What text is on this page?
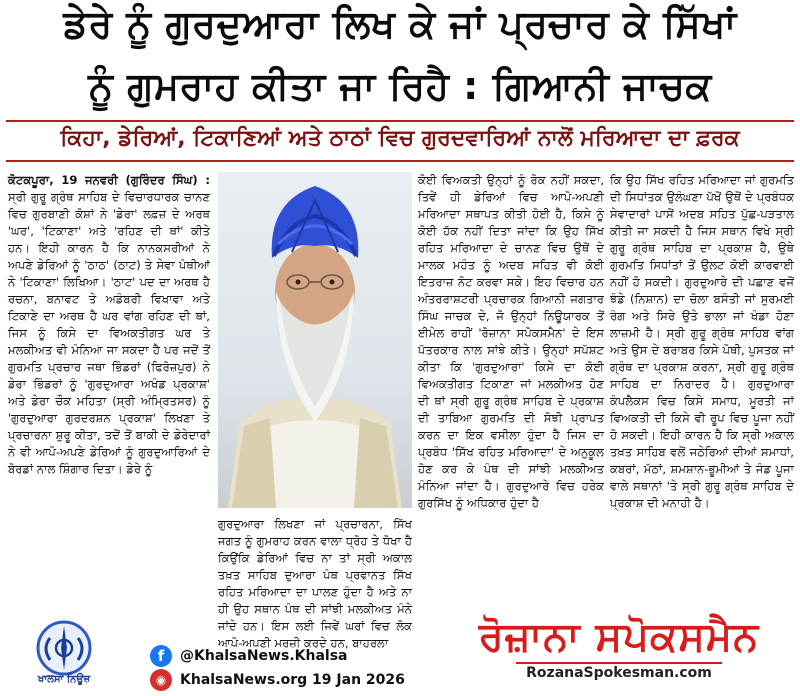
ਡੇਰੇ ਨੂੰ ਗੁਰਦੁਆਰਾ ਲਿਖ ਕੇ ਜਾਂ ਪ੍ਰਚਾਰ ਕੇ ਸਿੱਖਾਂ
ਨੂੰ ਗੁਮਰਾਹ ਕੀਤਾ ਜਾ ਰਿਹੈ : ਗਿਆਨੀ ਜਾਚਕ
ਕਿਹਾ, ਡੇਰਿਆਂ, ਟਿਕਾਣਿਆਂ ਅਤੇ ਠਾਠਾਂ ਵਿਚ ਗੁਰਦਵਾਰਿਆਂ ਨਾਲੋਂ ਮਰਿਆਦਾ ਦਾ ਫ਼ਰਕ

ਕੋਟਕਪੂਰਾ, 19 ਜਨਵਰੀ (ਗੁਰਿੰਦਰ ਸਿੰਘ) : ਸ੍ਰੀ ਗੁਰੂ ਗ੍ਰੰਥ ਸਾਹਿਬ ਦੇ ਵਿਚਾਰਧਾਰਕ ਚਾਨਣ ਵਿਚ ਗੁਰਬਾਣੀ ਕੋਸ਼ਾਂ ਨੇ 'ਡੇਰਾ' ਲਫ਼ਜ਼ ਦੇ ਅਰਥ 'ਘਰ', 'ਟਿਕਾਣਾ' ਅਤੇ 'ਰਹਿਣ ਦੀ ਥਾਂ' ਕੀਤੇ ਹਨ। ਇਹੀ ਕਾਰਨ ਹੈ ਕਿ ਨਾਨਕਸਰੀਆਂ ਨੇ ਅਪਣੇ ਡੇਰਿਆਂ ਨੂੰ 'ਠਾਠ' (ਠਾਟ) ਤੇ ਸੇਵਾ ਪੰਥੀਆਂ ਨੇ 'ਟਿਕਾਣਾ' ਲਿਖਿਆ। 'ਠਾਟ' ਪਦ ਦਾ ਅਰਥ ਹੈ ਰਚਨਾ, ਬਨਾਵਟ ਤੇ ਅਡੰਬਰੀ ਵਿਖਾਵਾ ਅਤੇ ਟਿਕਾਣੇ ਦਾ ਅਰਥ ਹੈ ਘਰ ਵਾਂਗ ਰਹਿਣ ਦੀ ਥਾਂ, ਜਿਸ ਨੂੰ ਕਿਸੇ ਦਾ ਵਿਅਕਤੀਗਤ ਘਰ ਤੇ ਮਲਕੀਅਤ ਵੀ ਮੰਨਿਆ ਜਾ ਸਕਦਾ ਹੈ ਪਰ ਜਦੋਂ ਤੋਂ ਗੁਰਮਤਿ ਪ੍ਰਚਾਰ ਜਥਾ ਭਿੰਡਰਾਂ (ਫਿਰੋਜ਼ਪੁਰ) ਨੇ ਡੇਰਾ ਭਿੰਡਰਾਂ ਨੂੰ 'ਗੁਰਦੁਆਰਾ ਅਖੰਡ ਪ੍ਰਕਾਸ਼' ਅਤੇ ਡੇਰਾ ਚੌਕ ਮਹਿਤਾ (ਸ੍ਰੀ ਅੰਮ੍ਰਿਤਸਰ) ਨੂੰ 'ਗੁਰਦੁਆਰਾ ਗੁਰਦਰਸ਼ਨ ਪ੍ਰਕਾਸ਼' ਲਿਖਣਾ ਤੇ ਪ੍ਰਚਾਰਨਾ ਸ਼ੁਰੂ ਕੀਤਾ, ਤਦੋਂ ਤੋਂ ਬਾਕੀ ਦੇ ਡੇਰੇਦਾਰਾਂ ਨੇ ਵੀ ਆਪੋ-ਅਪਣੇ ਡੇਰਿਆਂ ਨੂੰ ਗੁਰਦੁਆਰਿਆਂ ਦੇ ਬੋਰਡਾਂ ਨਾਲ ਸ਼ਿੰਗਾਰ ਦਿਤਾ। ਡੇਰੇ ਨੂੰ

ਗੁਰਦੁਆਰਾ ਲਿਖਣਾ ਜਾਂ ਪ੍ਰਚਾਰਨਾ, ਸਿੱਖ ਜਗਤ ਨੂੰ ਗੁਮਰਾਹ ਕਰਨ ਵਾਲਾ ਧ੍ਰੋਹ ਤੇ ਧੋਖਾ ਹੈ ਕਿਉਂਕਿ ਡੇਰਿਆਂ ਵਿਚ ਨਾ ਤਾਂ ਸ੍ਰੀ ਅਕਾਲ ਤਖ਼ਤ ਸਾਹਿਬ ਦੁਆਰਾ ਪੰਥ ਪ੍ਰਵਾਨਤ ਸਿੱਖ ਰਹਿਤ ਮਰਿਆਦਾ ਦਾ ਪਾਲਣ ਹੁੰਦਾ ਹੈ ਅਤੇ ਨਾ ਹੀ ਉਹ ਸਥਾਨ ਪੰਥ ਦੀ ਸਾਂਝੀ ਮਲਕੀਅਤ ਮੰਨੇ ਜਾਂਦੇ ਹਨ। ਇਸ ਲਈ ਜਿਵੇਂ ਘਰਾਂ ਵਿਚ ਲੋਕ ਆਪੋ-ਅਪਣੀ ਮਰਜ਼ੀ ਕਰਦੇ ਹਨ, ਬਾਹਰਲਾ

ਕੋਈ ਵਿਅਕਤੀ ਉਨ੍ਹਾਂ ਨੂੰ ਰੋਕ ਨਹੀਂ ਸਕਦਾ, ਤਿਵੇਂ ਹੀ ਡੇਰਿਆਂ ਵਿਚ ਆਪੋ-ਅਪਣੀ ਮਰਿਆਦਾ ਸਥਾਪਤ ਕੀਤੀ ਹੋਈ ਹੈ, ਕਿਸੇ ਨੂੰ ਕੋਈ ਹੱਕ ਨਹੀਂ ਦਿਤਾ ਜਾਂਦਾ ਕਿ ਉਹ ਸਿੱਖ ਰਹਿਤ ਮਰਿਆਦਾ ਦੇ ਚਾਨਣ ਵਿਚ ਉਥੋਂ ਦੇ ਮਾਲਕ ਮਹੰਤ ਨੂੰ ਅਦਬ ਸਹਿਤ ਵੀ ਕੋਈ ਇਤਰਾਜ਼ ਨੋਟ ਕਰਵਾ ਸਕੇ। ਇਹ ਵਿਚਾਰ ਹਨ ਅੰਤਰਰਾਸ਼ਟਰੀ ਪ੍ਰਚਾਰਕ ਗਿਆਨੀ ਜਗਤਾਰ ਸਿੰਘ ਜਾਚਕ ਦੇ, ਜੋ ਉਨ੍ਹਾਂ ਨਿਊਯਾਰਕ ਤੋਂ ਈਮੇਲ ਰਾਹੀਂ 'ਰੋਜ਼ਾਨਾ ਸਪੋਕਸਮੈਨ' ਦੇ ਇਸ ਪੱਤਰਕਾਰ ਨਾਲ ਸਾਂਝੇ ਕੀਤੇ। ਉਨ੍ਹਾਂ ਸਪੱਸ਼ਟ ਕੀਤਾ ਕਿ 'ਗੁਰਦੁਆਰਾ' ਕਿਸੇ ਦਾ ਕੋਈ ਵਿਅਕਤੀਗਤ ਟਿਕਾਣਾ ਜਾਂ ਮਲਕੀਅਤ ਹੋਣ ਦੀ ਥਾਂ ਸ੍ਰੀ ਗੁਰੂ ਗ੍ਰੰਥ ਸਾਹਿਬ ਦੇ ਪ੍ਰਕਾਸ਼ ਦੀ ਤਾਬਿਆ ਗੁਰਮਤਿ ਦੀ ਸੋਝੀ ਪ੍ਰਾਪਤ ਕਰਨ ਦਾ ਇਕ ਵਸੀਲਾ ਹੁੰਦਾ ਹੈ ਜਿਸ ਦਾ ਪ੍ਰਬੰਧ 'ਸਿੱਖ ਰਹਿਤ ਮਰਿਆਦਾ' ਦੇ ਅਨੁਕੂਲ ਹੋਣ ਕਰ ਕੇ ਪੰਥ ਦੀ ਸਾਂਝੀ ਮਲਕੀਅਤ ਮੰਨਿਆ ਜਾਂਦਾ ਹੈ। ਗੁਰਦੁਆਰੇ ਵਿਚ ਹਰੇਕ ਗੁਰਸਿੱਖ ਨੂੰ ਅਧਿਕਾਰ ਹੁੰਦਾ ਹੈ

ਕਿ ਉਹ ਸਿੱਖ ਰਹਿਤ ਮਰਿਆਦਾ ਜਾਂ ਗੁਰਮਤਿ ਦੀ ਸਿਧਾਂਤਕ ਉਲੰਘਣਾ ਪੱਖੋਂ ਉਥੋਂ ਦੇ ਪ੍ਰਬੰਧਕ ਸੇਵਾਦਾਰਾਂ ਪਾਸੋਂ ਅਦਬ ਸਹਿਤ ਪੁੱਛ-ਪੜਤਾਲ ਕੀਤੀ ਜਾ ਸਕਦੀ ਹੈ ਜਿਸ ਸਥਾਨ ਵਿਖੇ ਸ੍ਰੀ ਗੁਰੂ ਗ੍ਰੰਥ ਸਾਹਿਬ ਦਾ ਪ੍ਰਕਾਸ਼ ਹੈ, ਉਥੇ ਗੁਰਮਤਿ ਸਿਧਾਂਤਾਂ ਤੋਂ ਉਲਟ ਕੋਈ ਕਾਰਵਾਈ ਨਹੀਂ ਹੋ ਸਕਦੀ। ਗੁਰਦੁਆਰੇ ਦੀ ਪਛਾਣ ਵਜੋਂ ਝੰਡੇ (ਨਿਸ਼ਾਨ) ਦਾ ਚੋਲਾ ਬਸੰਤੀ ਜਾਂ ਸੁਰਮਈ ਰੰਗ ਅਤੇ ਸਿਰੇ ਉਤੇ ਭਾਲਾ ਜਾਂ ਖੰਡਾ ਹੋਣਾ ਲਾਜ਼ਮੀ ਹੈ। ਸ੍ਰੀ ਗੁਰੂ ਗ੍ਰੰਥ ਸਾਹਿਬ ਵਾਂਗ ਅਤੇ ਉਸ ਦੇ ਬਰਾਬਰ ਕਿਸੇ ਪੋਥੀ, ਪੁਸਤਕ ਜਾਂ ਗ੍ਰੰਥ ਦਾ ਪ੍ਰਕਾਸ਼ ਕਰਨਾ, ਸ੍ਰੀ ਗੁਰੂ ਗ੍ਰੰਥ ਸਾਹਿਬ ਦਾ ਨਿਰਾਦਰ ਹੈ। ਗੁਰਦੁਆਰਾ ਕੰਪਲੈਕਸ ਵਿਚ ਕਿਸੇ ਸਮਾਧ, ਮੂਰਤੀ ਜਾਂ ਵਿਅਕਤੀ ਦੀ ਕਿਸੇ ਵੀ ਰੂਪ ਵਿਚ ਪੂਜਾ ਨਹੀਂ ਹੋ ਸਕਦੀ। ਇਹੀ ਕਾਰਨ ਹੈ ਕਿ ਸ੍ਰੀ ਅਕਾਲ ਤਖ਼ਤ ਸਾਹਿਬ ਵਲੋਂ ਜਠੇਰਿਆਂ ਦੀਆਂ ਸਮਾਧਾਂ, ਕਬਰਾਂ, ਮੱਠਾਂ, ਸ਼ਮਸ਼ਾਨ-ਭੂਮੀਆਂ ਤੇ ਜੰਡ ਪੂਜਾ ਵਾਲੇ ਸਥਾਨਾਂ 'ਤੇ ਸ੍ਰੀ ਗੁਰੂ ਗ੍ਰੰਥ ਸਾਹਿਬ ਦੇ ਪ੍ਰਕਾਸ਼ ਦੀ ਮਨਾਹੀ ਹੈ।

ਖਾਲਸਾ ਨਿਊਜ਼
f	@KhalsaNews.Khalsa
◉ KhalsaNews.org 19 Jan 2026
ਰੋਜ਼ਾਨਾ ਸਪੋਕਸਮੈਨ
RozanaSpokesman.com
